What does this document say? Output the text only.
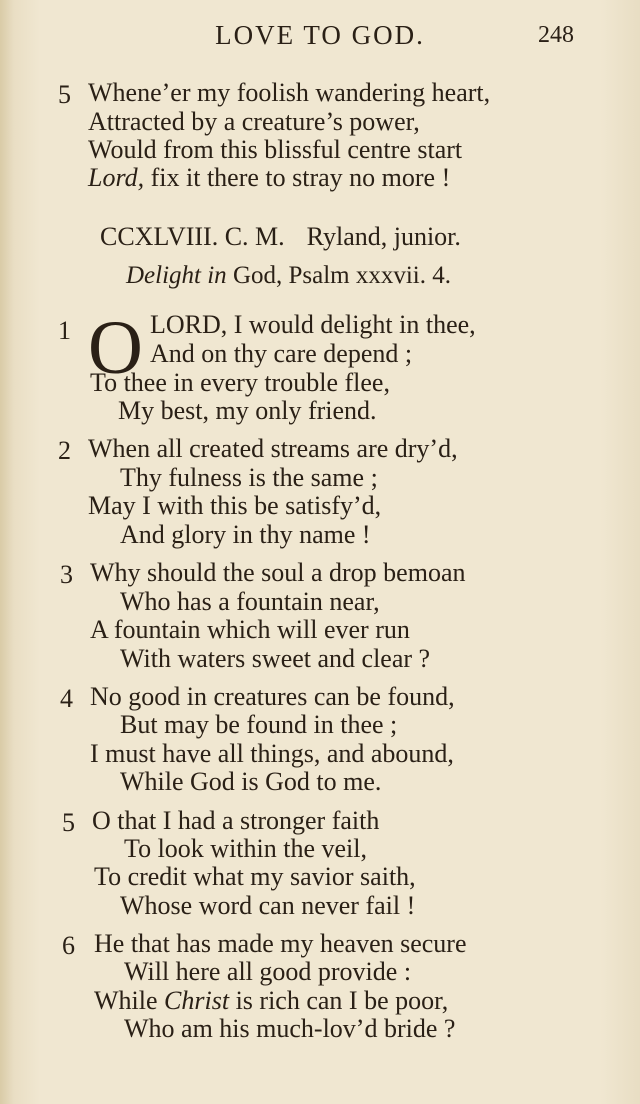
LOVE TO GOD.	248
5 Whene’er my foolish wandering heart,
Attracted by a creature’s power,
Would from this blissful centre start
Lord, fix it there to stray no more !
CCXLVIII. C. M. Ryland, junior.
Delight in God, Psalm xxxvii. 4.
1 O LORD, I would delight in thee,
And on thy care depend ;
To thee in every trouble flee,
My best, my only friend.
2 When all created streams are dry’d,
Thy fulness is the same ;
May I with this be satisfy’d,
And glory in thy name !
3 Why should the soul a drop bemoan
Who has a fountain near,
A fountain which will ever run
With waters sweet and clear ?
4 No good in creatures can be found,
But may be found in thee ;
I must have all things, and abound,
While God is God to me.
5 O that I had a stronger faith
To look within the veil,
To credit what my savior saith,
Whose word can never fail !
6 He that has made my heaven secure
Will here all good provide :
While Christ is rich can I be poor,
Who am his much-lov’d bride ?
